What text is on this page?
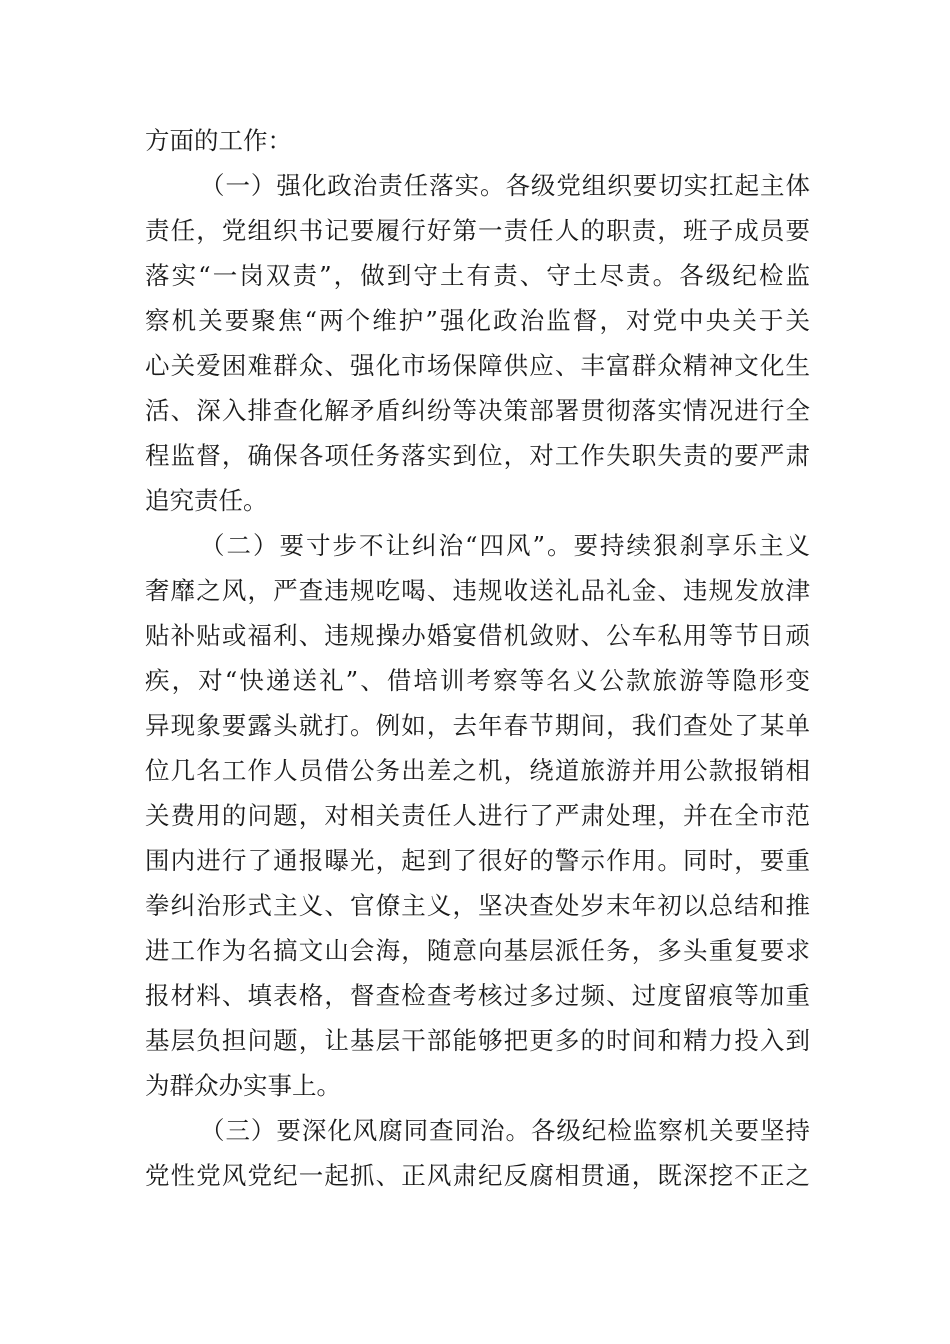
方面的工作：

（一）强化政治责任落实。各级党组织要切实扛起主体

责任，党组织书记要履行好第一责任人的职责，班子成员要

落实“一岗双责”，做到守土有责、守土尽责。各级纪检监

察机关要聚焦“两个维护”强化政治监督，对党中央关于关

心关爱困难群众、强化市场保障供应、丰富群众精神文化生

活、深入排查化解矛盾纠纷等决策部署贯彻落实情况进行全

程监督，确保各项任务落实到位，对工作失职失责的要严肃

追究责任。

（二）要寸步不让纠治“四风”。要持续狠刹享乐主义

奢靡之风，严查违规吃喝、违规收送礼品礼金、违规发放津

贴补贴或福利、违规操办婚宴借机敛财、公车私用等节日顽

疾，对“快递送礼”、借培训考察等名义公款旅游等隐形变

异现象要露头就打。例如，去年春节期间，我们查处了某单

位几名工作人员借公务出差之机，绕道旅游并用公款报销相

关费用的问题，对相关责任人进行了严肃处理，并在全市范

围内进行了通报曝光，起到了很好的警示作用。同时，要重

拳纠治形式主义、官僚主义，坚决查处岁末年初以总结和推

进工作为名搞文山会海，随意向基层派任务，多头重复要求

报材料、填表格，督查检查考核过多过频、过度留痕等加重

基层负担问题，让基层干部能够把更多的时间和精力投入到

为群众办实事上。

（三）要深化风腐同查同治。各级纪检监察机关要坚持

党性党风党纪一起抓、正风肃纪反腐相贯通，既深挖不正之
